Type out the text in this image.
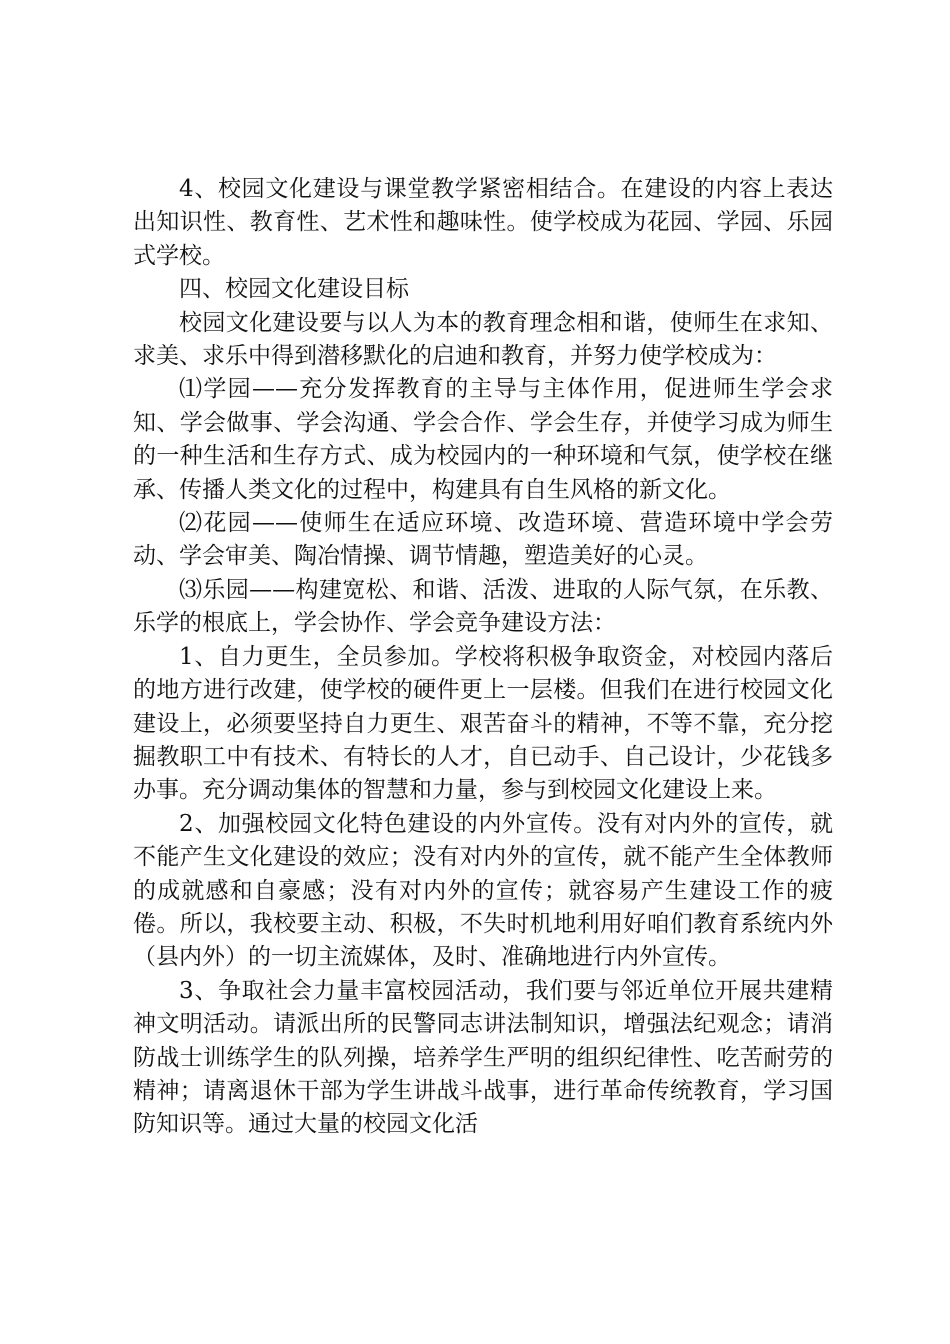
4、校园文化建设与课堂教学紧密相结合。在建设的内容上表达出知识性、教育性、艺术性和趣味性。使学校成为花园、学园、乐园式学校。

四、校园文化建设目标

校园文化建设要与以人为本的教育理念相和谐，使师生在求知、求美、求乐中得到潜移默化的启迪和教育，并努力使学校成为：

⑴学园——充分发挥教育的主导与主体作用，促进师生学会求知、学会做事、学会沟通、学会合作、学会生存，并使学习成为师生的一种生活和生存方式、成为校园内的一种环境和气氛，使学校在继承、传播人类文化的过程中，构建具有自生风格的新文化。

⑵花园——使师生在适应环境、改造环境、营造环境中学会劳动、学会审美、陶冶情操、调节情趣，塑造美好的心灵。

⑶乐园——构建宽松、和谐、活泼、进取的人际气氛，在乐教、乐学的根底上，学会协作、学会竞争建设方法：

1、自力更生，全员参加。学校将积极争取资金，对校园内落后的地方进行改建，使学校的硬件更上一层楼。但我们在进行校园文化建设上，必须要坚持自力更生、艰苦奋斗的精神，不等不靠，充分挖掘教职工中有技术、有特长的人才，自已动手、自己设计，少花钱多办事。充分调动集体的智慧和力量，参与到校园文化建设上来。

2、加强校园文化特色建设的内外宣传。没有对内外的宣传，就不能产生文化建设的效应；没有对内外的宣传，就不能产生全体教师的成就感和自豪感；没有对内外的宣传；就容易产生建设工作的疲倦。所以，我校要主动、积极，不失时机地利用好咱们教育系统内外（县内外）的一切主流媒体，及时、准确地进行内外宣传。

3、争取社会力量丰富校园活动，我们要与邻近单位开展共建精神文明活动。请派出所的民警同志讲法制知识，增强法纪观念；请消防战士训练学生的队列操，培养学生严明的组织纪律性、吃苦耐劳的精神；请离退休干部为学生讲战斗战事，进行革命传统教育，学习国防知识等。通过大量的校园文化活
